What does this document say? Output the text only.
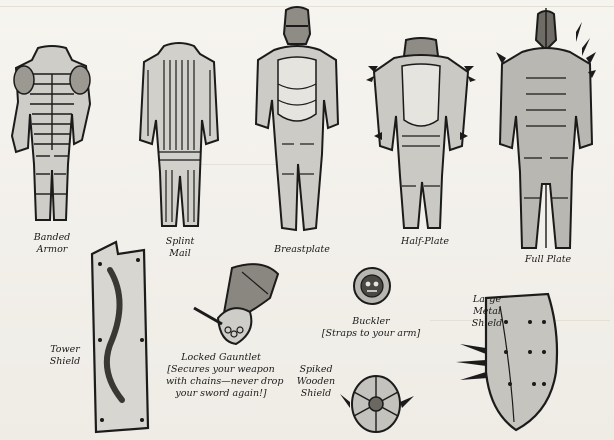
Banded
Armor
Splint
Mail	Breastplate
Half-Plate
Full Plate
Tower
Shield	Locked Gauntlet
[Secures your weapon
with chains—never drop
your sword again!]
Buckler
[Straps to your arm]
Spiked
Wooden
Shield
Large
Metal
Shield
